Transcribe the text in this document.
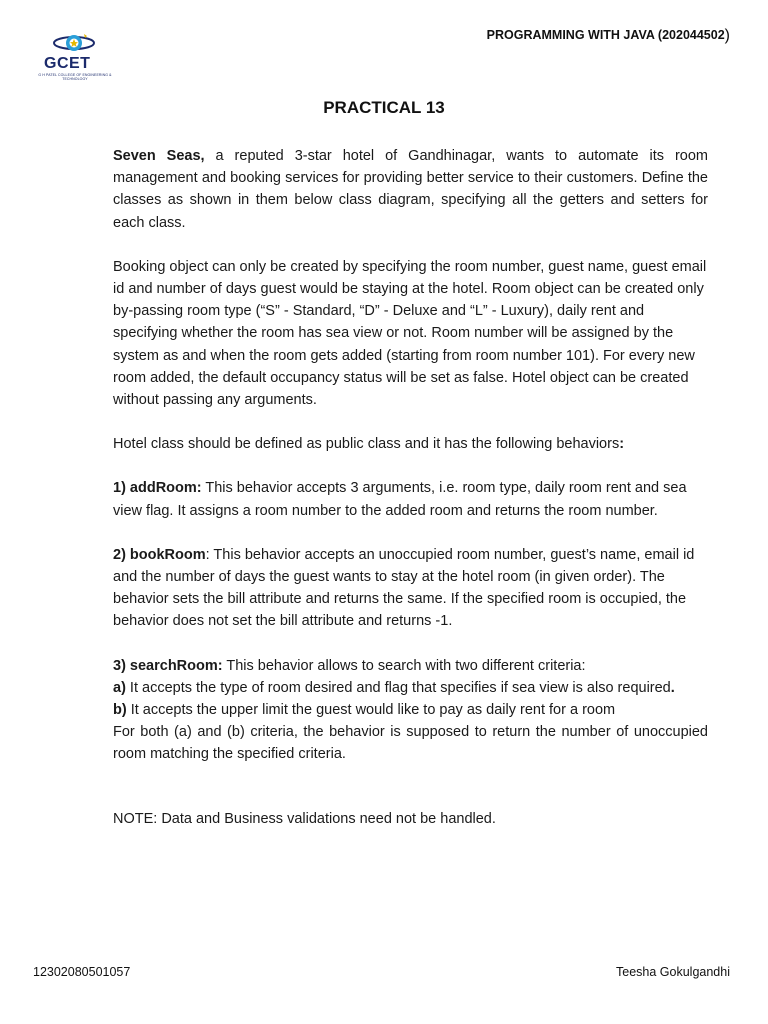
GCET
G H PATEL COLLEGE OF ENGINEERING & TECHNOLOGY
PROGRAMMING WITH JAVA (202044502)
PRACTICAL 13

Seven Seas, a reputed 3-star hotel of Gandhinagar, wants to automate its room management and booking services for providing better service to their customers. Define the classes as shown in them below class diagram, specifying all the getters and setters for each class.

Booking object can only be created by specifying the room number, guest name, guest email id and number of days guest would be staying at the hotel. Room object can be created only by-passing room type (“S” - Standard, “D” - Deluxe and “L” - Luxury), daily rent and specifying whether the room has sea view or not. Room number will be assigned by the system as and when the room gets added (starting from room number 101). For every new room added, the default occupancy status will be set as false. Hotel object can be created without passing any arguments.

Hotel class should be defined as public class and it has the following behaviors:

1) addRoom: This behavior accepts 3 arguments, i.e. room type, daily room rent and sea view flag. It assigns a room number to the added room and returns the room number.

2) bookRoom: This behavior accepts an unoccupied room number, guest’s name, email id and the number of days the guest wants to stay at the hotel room (in given order). The behavior sets the bill attribute and returns the same. If the specified room is occupied, the behavior does not set the bill attribute and returns -1.

3) searchRoom: This behavior allows to search with two different criteria:
a) It accepts the type of room desired and flag that specifies if sea view is also required.
b) It accepts the upper limit the guest would like to pay as daily rent for a room
For both (a) and (b) criteria, the behavior is supposed to return the number of unoccupied room matching the specified criteria.

NOTE: Data and Business validations need not be handled.

12302080501057	Teesha Gokulgandhi
